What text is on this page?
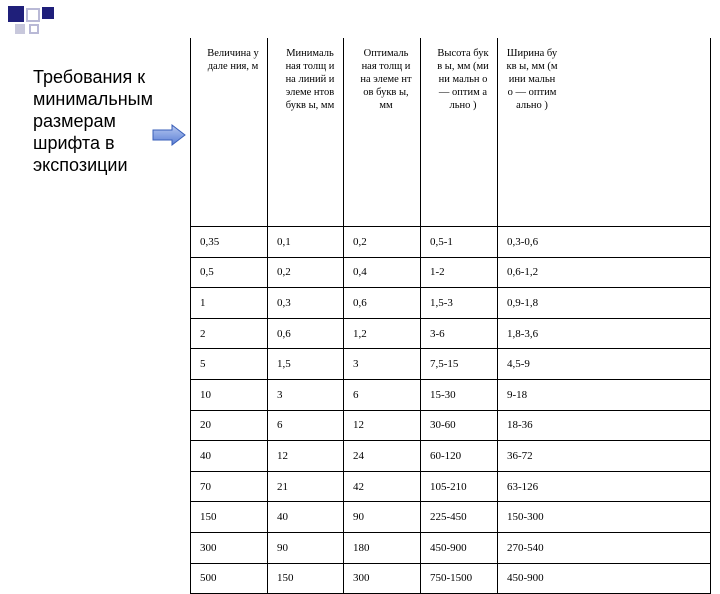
Требования к минимальным размерам шрифта в экспозиции
Величина удале ния, м	Минималь ная толщ ина линий и элеме нтов букв ы, мм	Оптималь ная толщ ина элеме нтов букв ы, мм	Высота букв ы, мм (мини мальн о — оптим ально )	Ширина букв ы, мм (мини мальн о — оптим ально )

0,35	0,1	0,2	0,5-1	0,3-0,6
0,5	0,2	0,4	1-2	0,6-1,2
1	0,3	0,6	1,5-3	0,9-1,8
2	0,6	1,2	3-6	1,8-3,6
5	1,5	3	7,5-15	4,5-9
10	3	6	15-30	9-18
20	6	12	30-60	18-36
40	12	24	60-120	36-72
70	21	42	105-210	63-126
150	40	90	225-450	150-300
300	90	180	450-900	270-540
500	150	300	750-1500	450-900
